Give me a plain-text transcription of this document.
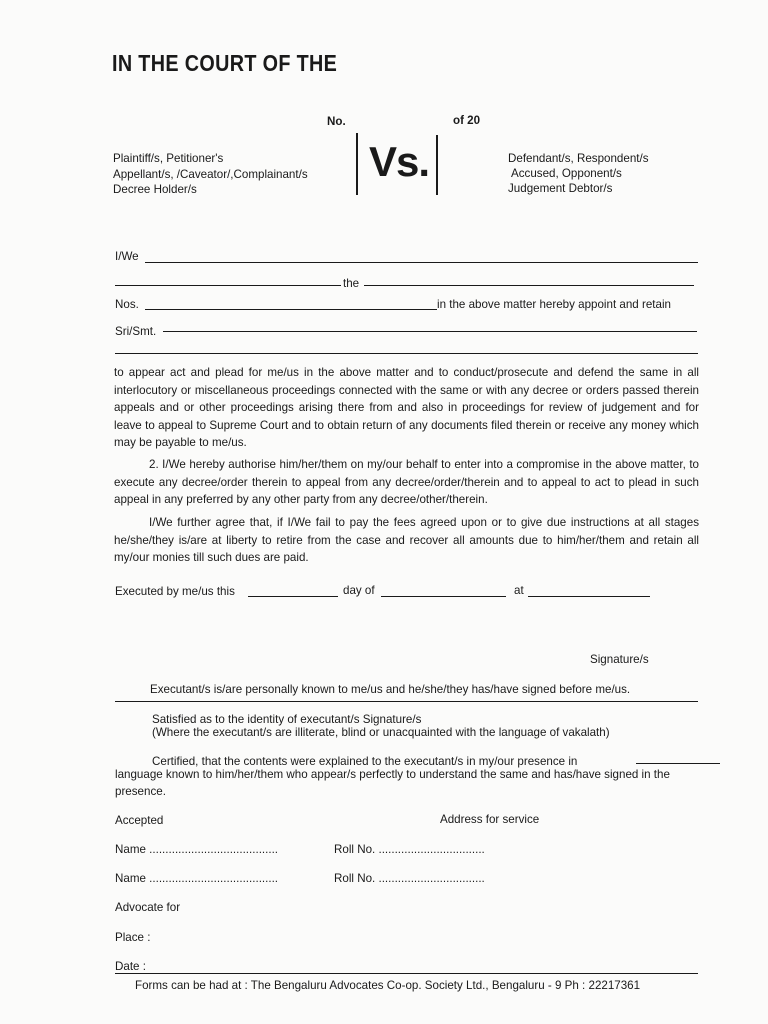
IN THE COURT OF THE
No.	of 20
Plaintiff/s, Petitioner's
Appellant/s, /Caveator/,Complainant/s
Decree Holder/s
Vs.	Defendant/s, Respondent/s
Accused, Opponent/s
Judgement Debtor/s
I/We
the
Nos.	in the above matter hereby appoint and retain
Sri/Smt.
to appear act and plead for me/us in the above matter and to conduct/prosecute and defend the same in all interlocutory or miscellaneous proceedings connected with the same or with any decree or orders passed therein appeals and or other proceedings arising there from and also in proceedings for review of judgement and for leave to appeal to Supreme Court and to obtain return of any documents filed therein or receive any money which may be payable to me/us.
2. I/We hereby authorise him/her/them on my/our behalf to enter into a compromise in the above matter, to execute any decree/order therein to appeal from any decree/order/therein and to appeal to act to plead in such appeal in any preferred by any other party from any decree/other/therein.
I/We further agree that, if I/We fail to pay the fees agreed upon or to give due instructions at all stages he/she/they is/are at liberty to retire from the case and recover all amounts due to him/her/them and retain all my/our monies till such dues are paid.
Executed by me/us this	day of	at
Signature/s
Executant/s is/are personally known to me/us and he/she/they has/have signed before me/us.
Satisfied as to the identity of executant/s Signature/s
(Where the executant/s are illiterate, blind or unacquainted with the language of vakalath)
Certified, that the contents were explained to the executant/s in my/our presence in
language known to him/her/them who appear/s perfectly to understand the same and has/have signed in the
presence.
Accepted	Address for service
Name ........................................	Roll No. .................................
Name ........................................	Roll No. .................................
Advocate for
Place :
Date :
Forms can be had at : The Bengaluru Advocates Co-op. Society Ltd., Bengaluru - 9 Ph : 22217361
